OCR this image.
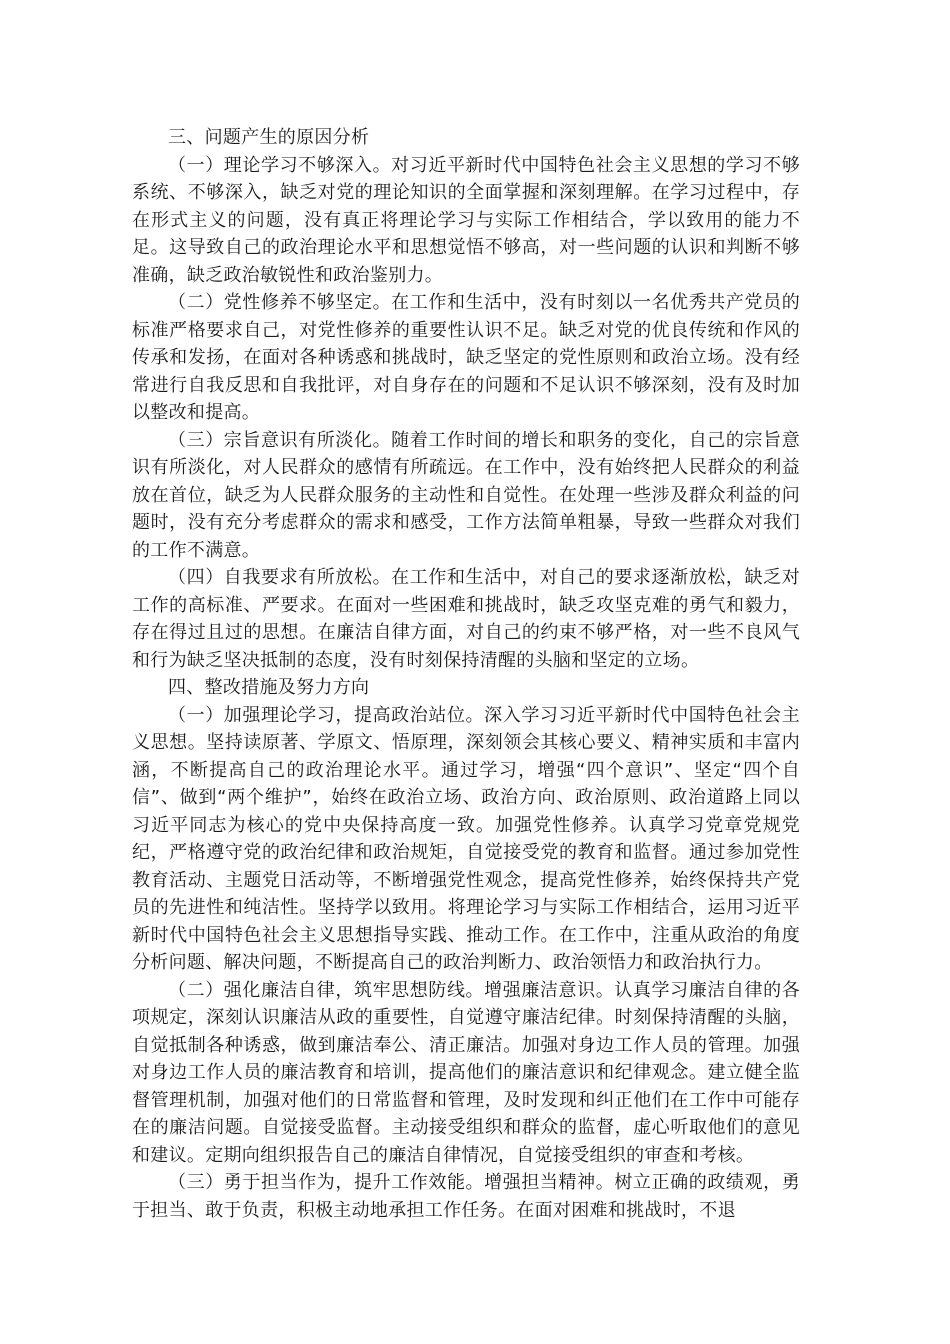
三、问题产生的原因分析

（一）理论学习不够深入。对习近平新时代中国特色社会主义思想的学习不够系统、不够深入，缺乏对党的理论知识的全面掌握和深刻理解。在学习过程中，存在形式主义的问题，没有真正将理论学习与实际工作相结合，学以致用的能力不足。这导致自己的政治理论水平和思想觉悟不够高，对一些问题的认识和判断不够准确，缺乏政治敏锐性和政治鉴别力。

（二）党性修养不够坚定。在工作和生活中，没有时刻以一名优秀共产党员的标准严格要求自己，对党性修养的重要性认识不足。缺乏对党的优良传统和作风的传承和发扬，在面对各种诱惑和挑战时，缺乏坚定的党性原则和政治立场。没有经常进行自我反思和自我批评，对自身存在的问题和不足认识不够深刻，没有及时加以整改和提高。

（三）宗旨意识有所淡化。随着工作时间的增长和职务的变化，自己的宗旨意识有所淡化，对人民群众的感情有所疏远。在工作中，没有始终把人民群众的利益放在首位，缺乏为人民群众服务的主动性和自觉性。在处理一些涉及群众利益的问题时，没有充分考虑群众的需求和感受，工作方法简单粗暴，导致一些群众对我们的工作不满意。

（四）自我要求有所放松。在工作和生活中，对自己的要求逐渐放松，缺乏对工作的高标准、严要求。在面对一些困难和挑战时，缺乏攻坚克难的勇气和毅力，存在得过且过的思想。在廉洁自律方面，对自己的约束不够严格，对一些不良风气和行为缺乏坚决抵制的态度，没有时刻保持清醒的头脑和坚定的立场。

四、整改措施及努力方向

（一）加强理论学习，提高政治站位。深入学习习近平新时代中国特色社会主义思想。坚持读原著、学原文、悟原理，深刻领会其核心要义、精神实质和丰富内涵，不断提高自己的政治理论水平。通过学习，增强“四个意识”、坚定“四个自信”、做到“两个维护”，始终在政治立场、政治方向、政治原则、政治道路上同以习近平同志为核心的党中央保持高度一致。加强党性修养。认真学习党章党规党纪，严格遵守党的政治纪律和政治规矩，自觉接受党的教育和监督。通过参加党性教育活动、主题党日活动等，不断增强党性观念，提高党性修养，始终保持共产党员的先进性和纯洁性。坚持学以致用。将理论学习与实际工作相结合，运用习近平新时代中国特色社会主义思想指导实践、推动工作。在工作中，注重从政治的角度分析问题、解决问题，不断提高自己的政治判断力、政治领悟力和政治执行力。

（二）强化廉洁自律，筑牢思想防线。增强廉洁意识。认真学习廉洁自律的各项规定，深刻认识廉洁从政的重要性，自觉遵守廉洁纪律。时刻保持清醒的头脑，自觉抵制各种诱惑，做到廉洁奉公、清正廉洁。加强对身边工作人员的管理。加强对身边工作人员的廉洁教育和培训，提高他们的廉洁意识和纪律观念。建立健全监督管理机制，加强对他们的日常监督和管理，及时发现和纠正他们在工作中可能存在的廉洁问题。自觉接受监督。主动接受组织和群众的监督，虚心听取他们的意见和建议。定期向组织报告自己的廉洁自律情况，自觉接受组织的审查和考核。

（三）勇于担当作为，提升工作效能。增强担当精神。树立正确的政绩观，勇于担当、敢于负责，积极主动地承担工作任务。在面对困难和挑战时，不退
